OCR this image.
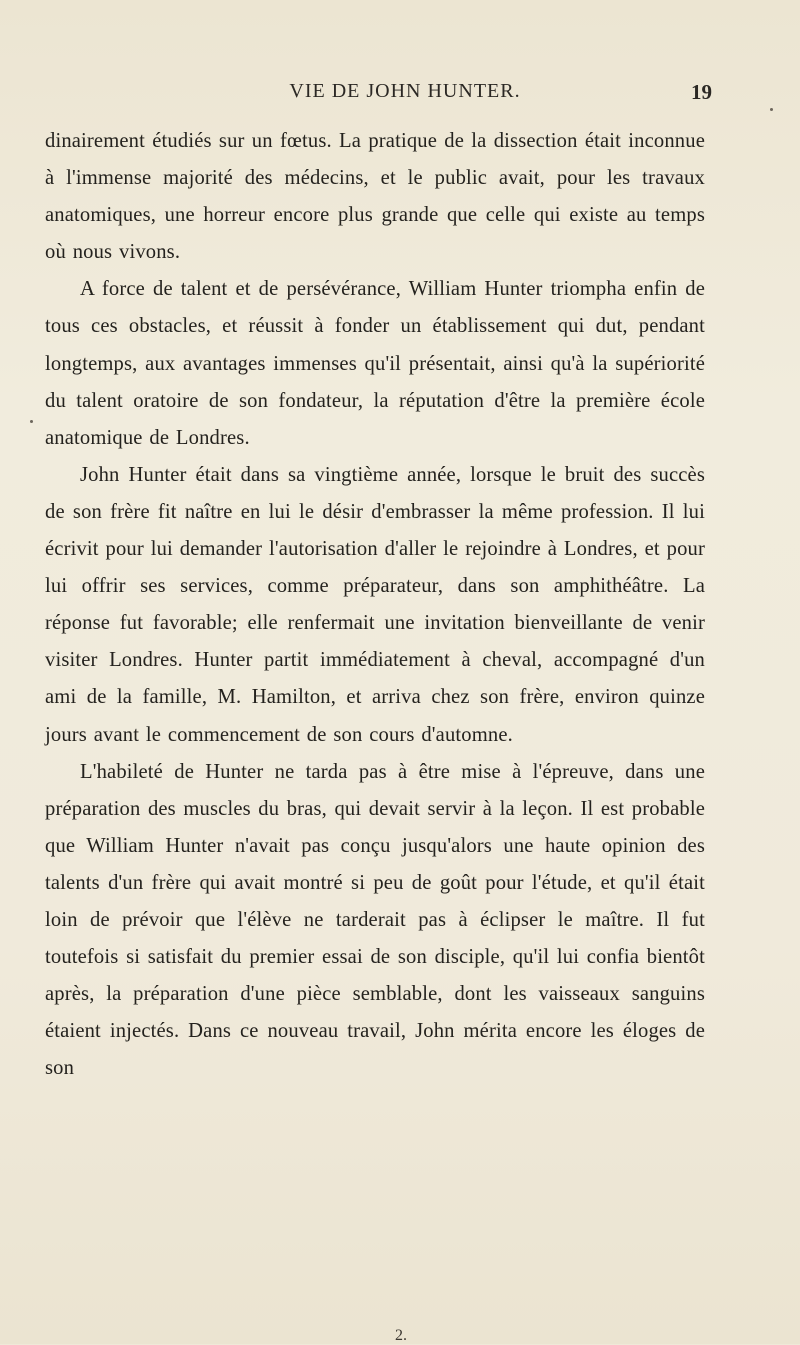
VIE DE JOHN HUNTER.	19

dinairement étudiés sur un fœtus. La pratique de la dissection était inconnue à l'immense majorité des médecins, et le public avait, pour les travaux anatomiques, une horreur encore plus grande que celle qui existe au temps où nous vivons.

A force de talent et de persévérance, William Hunter triompha enfin de tous ces obstacles, et réussit à fonder un établissement qui dut, pendant longtemps, aux avantages immenses qu'il présentait, ainsi qu'à la supériorité du talent oratoire de son fondateur, la réputation d'être la première école anatomique de Londres.

John Hunter était dans sa vingtième année, lorsque le bruit des succès de son frère fit naître en lui le désir d'embrasser la même profession. Il lui écrivit pour lui demander l'autorisation d'aller le rejoindre à Londres, et pour lui offrir ses services, comme préparateur, dans son amphithéâtre. La réponse fut favorable; elle renfermait une invitation bienveillante de venir visiter Londres. Hunter partit immédiatement à cheval, accompagné d'un ami de la famille, M. Hamilton, et arriva chez son frère, environ quinze jours avant le commencement de son cours d'automne.

L'habileté de Hunter ne tarda pas à être mise à l'épreuve, dans une préparation des muscles du bras, qui devait servir à la leçon. Il est probable que William Hunter n'avait pas conçu jusqu'alors une haute opinion des talents d'un frère qui avait montré si peu de goût pour l'étude, et qu'il était loin de prévoir que l'élève ne tarderait pas à éclipser le maître. Il fut toutefois si satisfait du premier essai de son disciple, qu'il lui confia bientôt après, la préparation d'une pièce semblable, dont les vaisseaux sanguins étaient injectés. Dans ce nouveau travail, John mérita encore les éloges de son

2.
